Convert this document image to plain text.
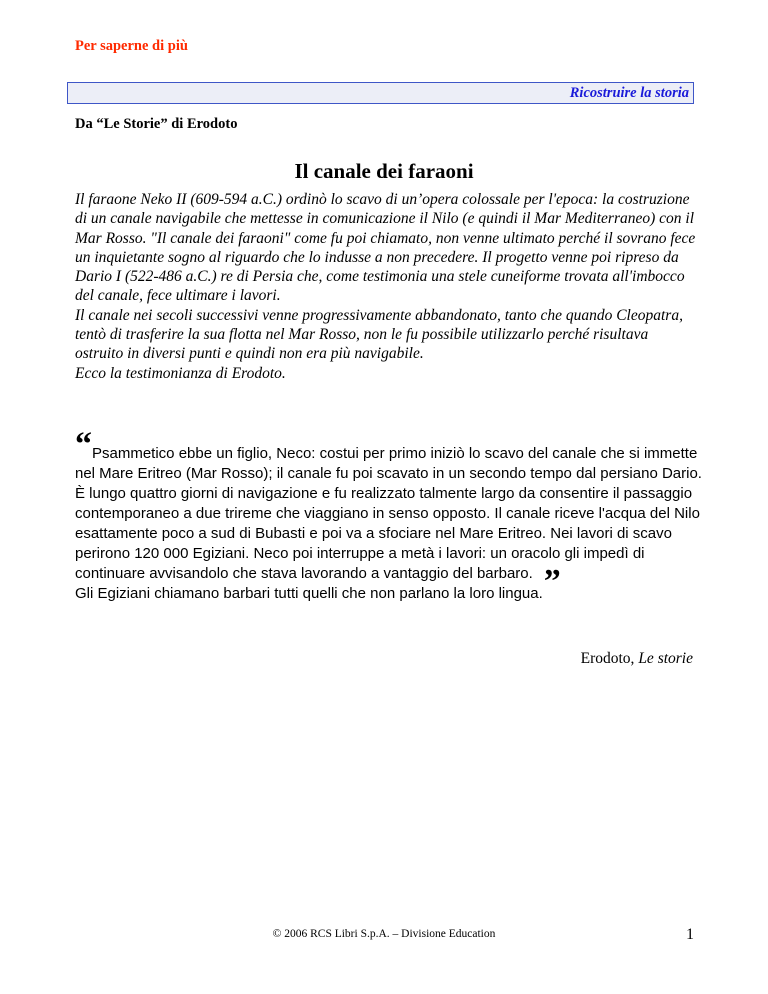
Per saperne di più
Ricostruire la storia
Da “Le Storie” di Erodoto
Il canale dei faraoni

Il faraone Neko II (609-594 a.C.) ordinò lo scavo di un’opera colossale per l'epoca: la costruzione di un canale navigabile che mettesse in comunicazione il Nilo (e quindi il Mar Mediterraneo) con il Mar Rosso. "Il canale dei faraoni" come fu poi chiamato, non venne ultimato perché il sovrano fece un inquietante sogno al riguardo che lo indusse a non precedere. Il progetto venne poi ripreso da Dario I (522-486 a.C.) re di Persia che, come testimonia una stele cuneiforme trovata all'imbocco del canale, fece ultimare i lavori.

Il canale nei secoli successivi venne progressivamente abbandonato, tanto che quando Cleopatra, tentò di trasferire la sua flotta nel Mar Rosso, non le fu possibile utilizzarlo perché risultava ostruito in diversi punti e quindi non era più navigabile.

Ecco la testimonianza di Erodoto.

“Psammetico ebbe un figlio, Neco: costui per primo iniziò lo scavo del canale che si immette nel Mare Eritreo (Mar Rosso); il canale fu poi scavato in un secondo tempo dal persiano Dario.

È lungo quattro giorni di navigazione e fu realizzato talmente largo da consentire il passaggio contemporaneo a due trireme che viaggiano in senso opposto. Il canale riceve l'acqua del Nilo esattamente poco a sud di Bubasti e poi va a sfociare nel Mare Eritreo. Nei lavori di scavo perirono 120 000 Egiziani. Neco poi interruppe a metà i lavori: un oracolo gli impedì di continuare avvisandolo che stava lavorando a vantaggio del barbaro.

Gli Egiziani chiamano barbari tutti quelli che non parlano la loro lingua.”

Erodoto, Le storie
© 2006 RCS Libri S.p.A. – Divisione Education	1
